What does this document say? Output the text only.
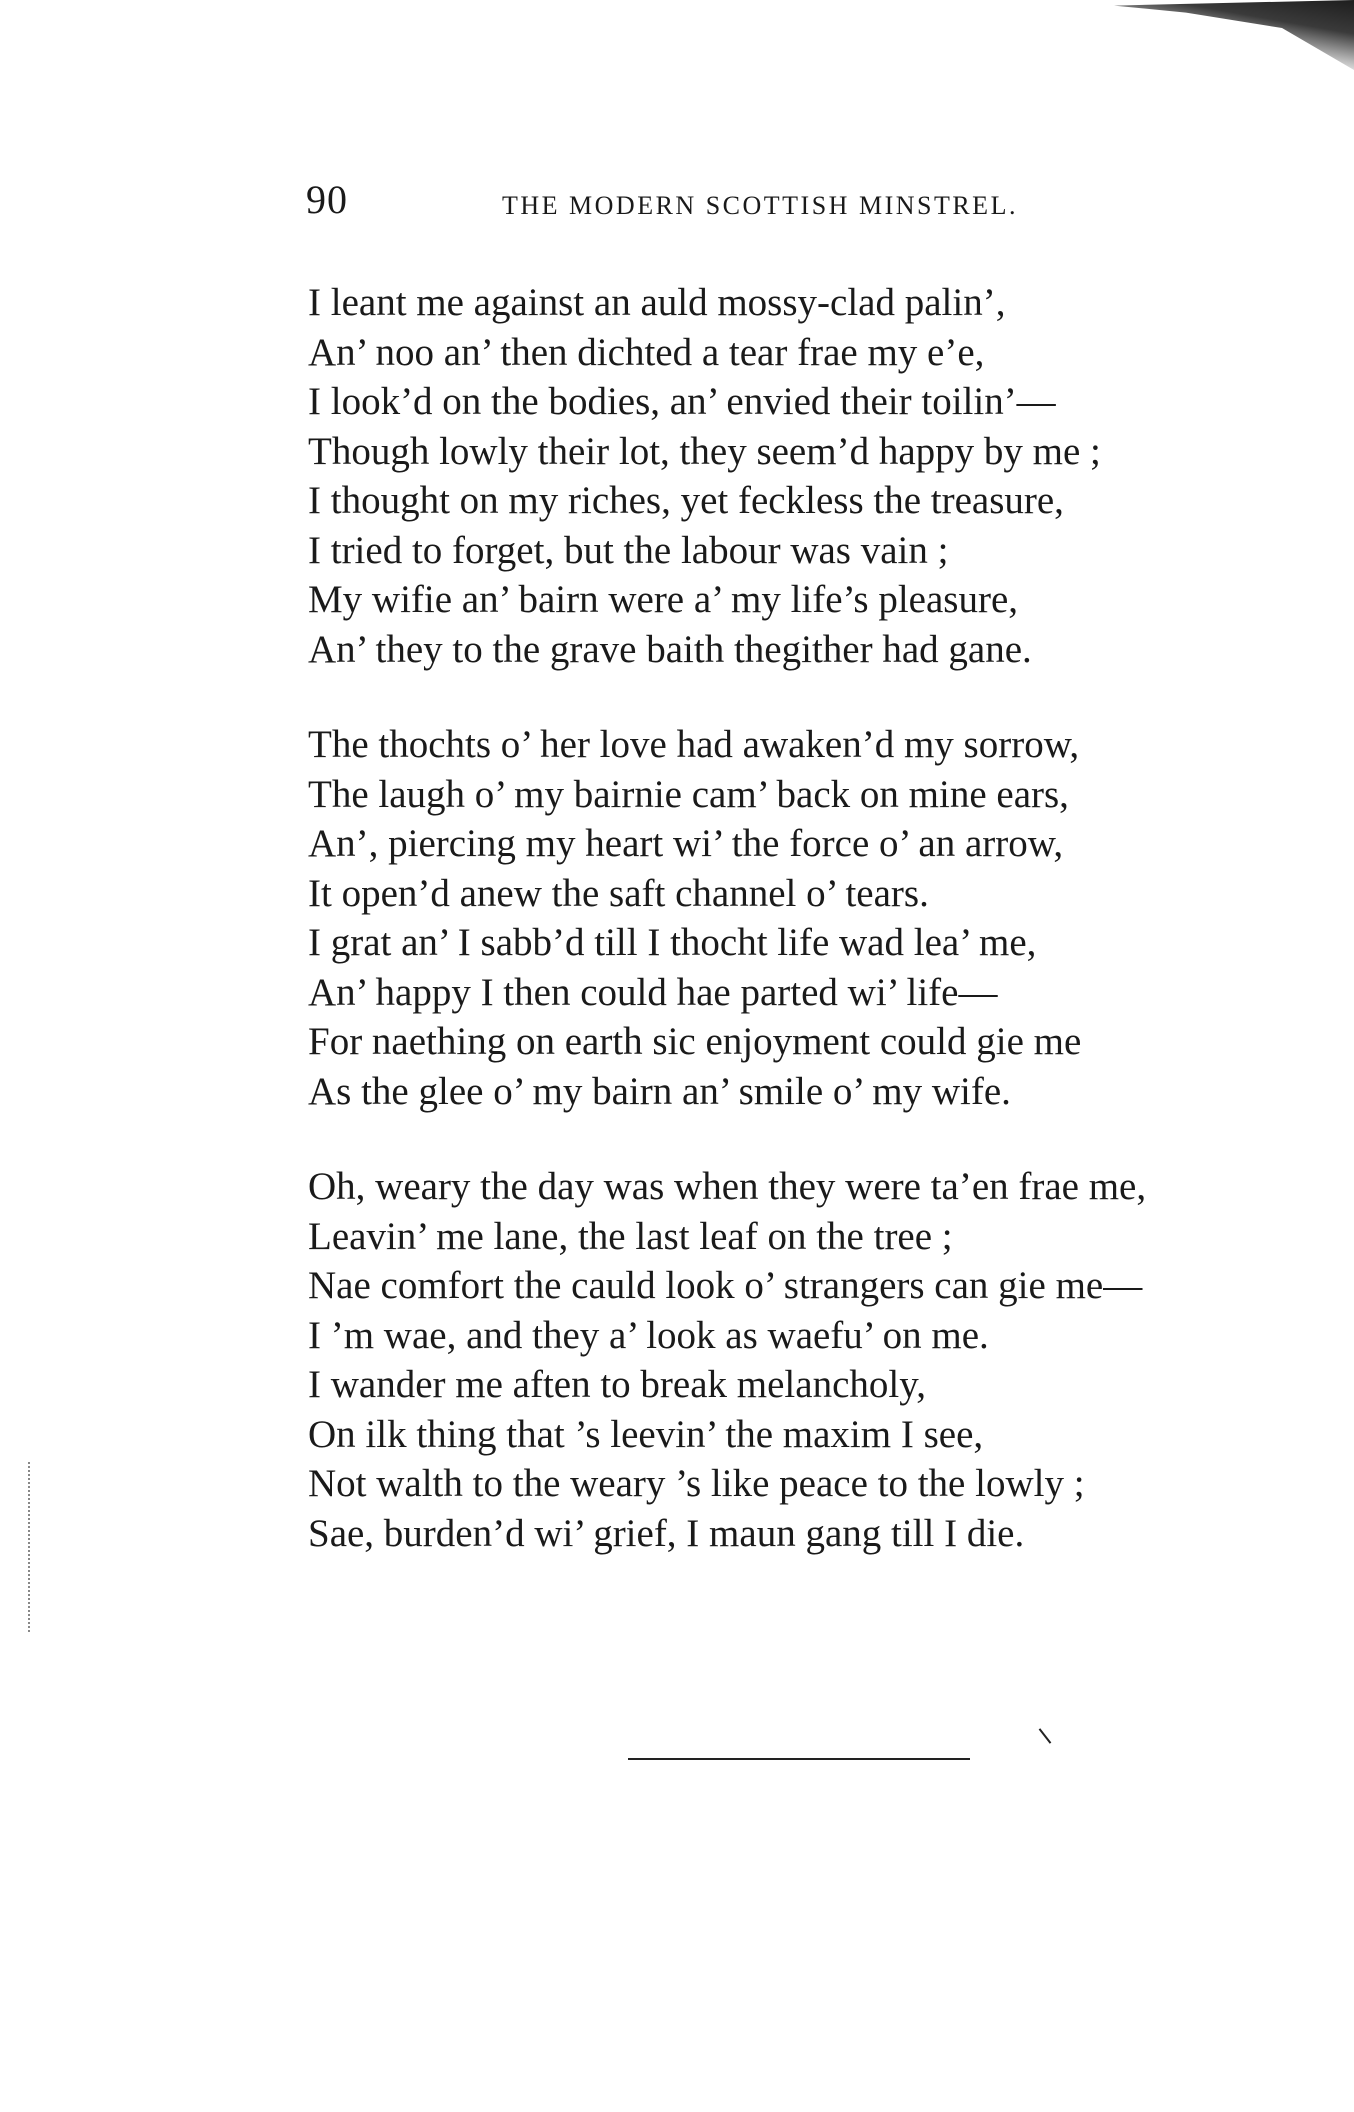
90	THE MODERN SCOTTISH MINSTREL.
I leant me against an auld mossy-clad palin’,
An’ noo an’ then dichted a tear frae my e’e,
I look’d on the bodies, an’ envied their toilin’—
Though lowly their lot, they seem’d happy by me ;
I thought on my riches, yet feckless the treasure,
I tried to forget, but the labour was vain ;
My wifie an’ bairn were a’ my life’s pleasure,
An’ they to the grave baith thegither had gane.
The thochts o’ her love had awaken’d my sorrow,
The laugh o’ my bairnie cam’ back on mine ears,
An’, piercing my heart wi’ the force o’ an arrow,
It open’d anew the saft channel o’ tears.
I grat an’ I sabb’d till I thocht life wad lea’ me,
An’ happy I then could hae parted wi’ life—
For naething on earth sic enjoyment could gie me
As the glee o’ my bairn an’ smile o’ my wife.
Oh, weary the day was when they were ta’en frae me,
Leavin’ me lane, the last leaf on the tree ;
Nae comfort the cauld look o’ strangers can gie me—
I ’m wae, and they a’ look as waefu’ on me.
I wander me aften to break melancholy,
On ilk thing that ’s leevin’ the maxim I see,
Not walth to the weary ’s like peace to the lowly ;
Sae, burden’d wi’ grief, I maun gang till I die.
